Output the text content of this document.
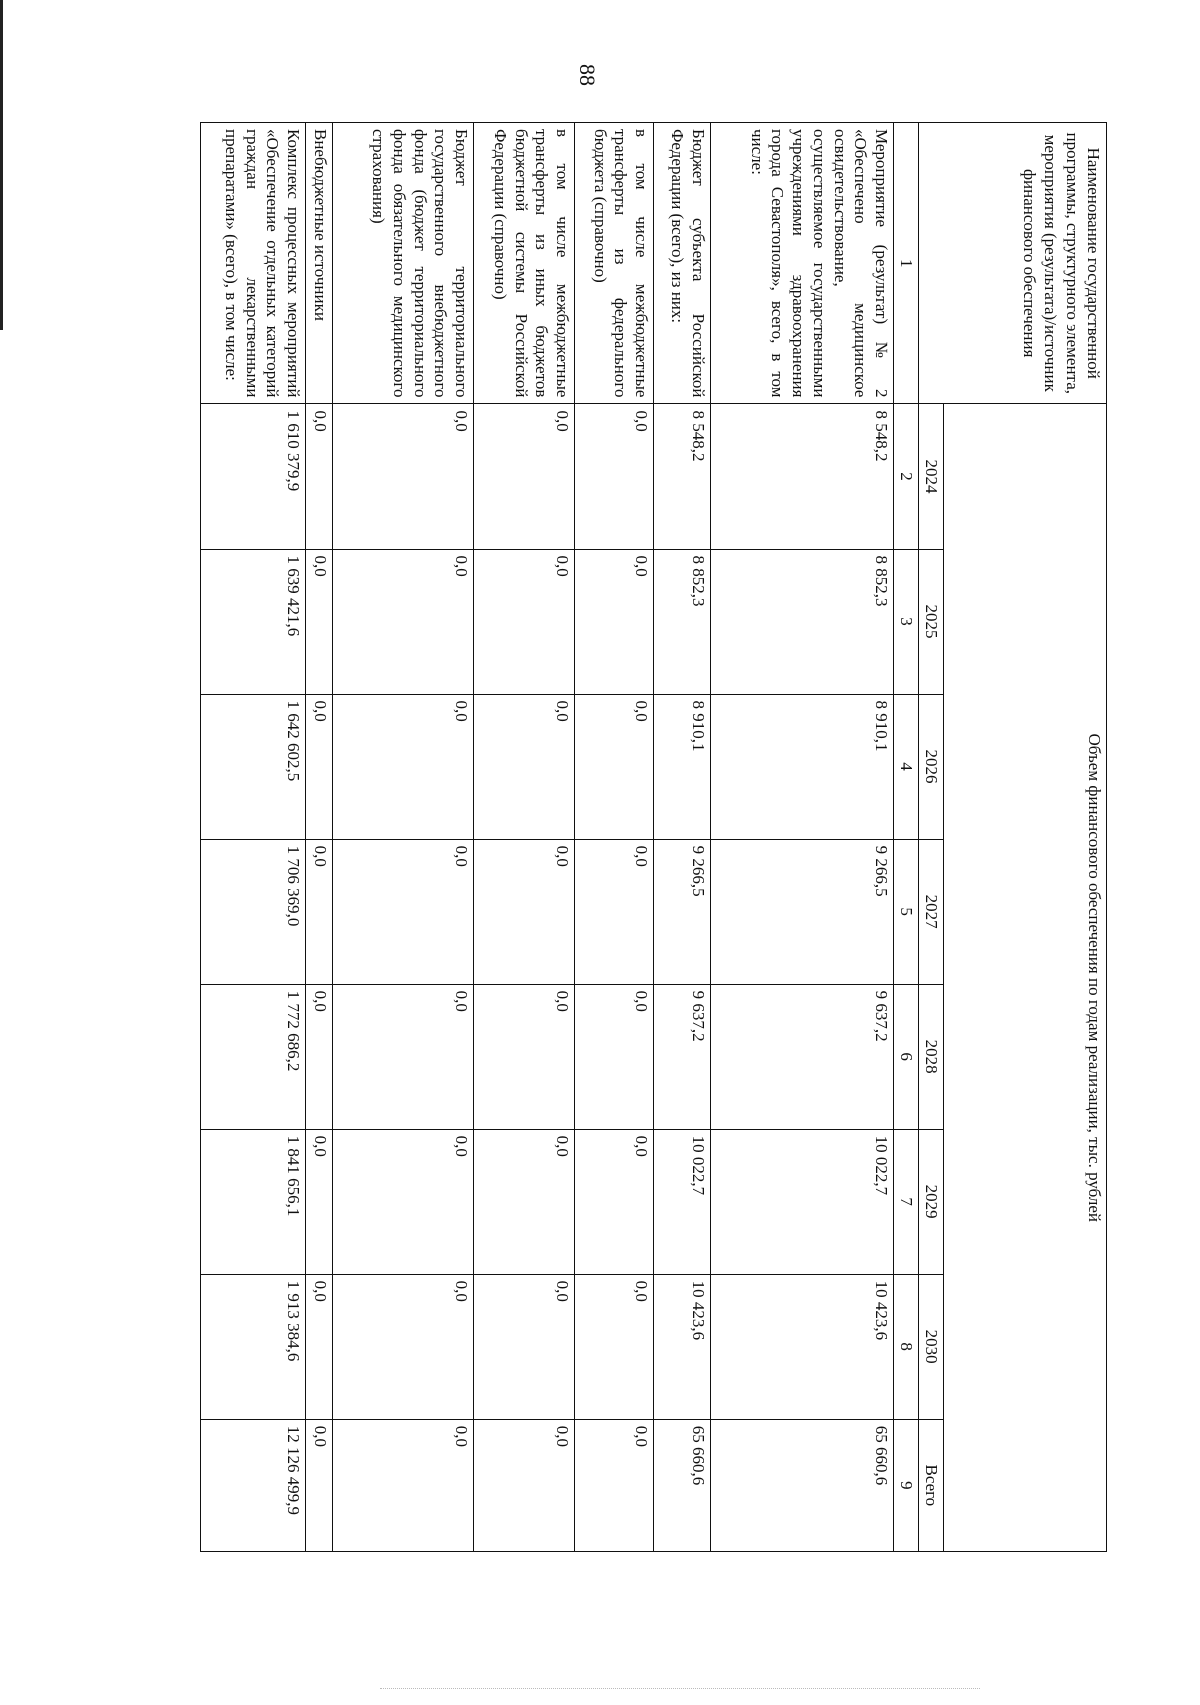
88
Наименование государственной программы, структурного элемента, мероприятия (результата)/источник финансового обеспечения	Объем финансового обеспечения по годам реализации, тыс. рублей							
	2024	2025	2026	2027	2028	2029	2030	Всего
1	2	3	4	5	6	7	8	9
Мероприятие (результат) № 2 «Обеспечено медицинское освидетельствование, осуществляемое государственными учреждениями здравоохранения города Севастополя», всего, в том числе:	8 548,2	8 852,3	8 910,1	9 266,5	9 637,2	10 022,7	10 423,6	65 660,6
Бюджет субъекта Российской Федерации (всего), из них:	8 548,2	8 852,3	8 910,1	9 266,5	9 637,2	10 022,7	10 423,6	65 660,6
в том числе межбюджетные трансферты из федерального бюджета (справочно)	0,0	0,0	0,0	0,0	0,0	0,0	0,0	0,0
в том числе межбюджетные трансферты из иных бюджетов бюджетной системы Российской Федерации (справочно)	0,0	0,0	0,0	0,0	0,0	0,0	0,0	0,0
Бюджет территориального государственного внебюджетного фонда (бюджет территориального фонда обязательного медицинского страхования)	0,0	0,0	0,0	0,0	0,0	0,0	0,0	0,0
Внебюджетные источники	0,0	0,0	0,0	0,0	0,0	0,0	0,0	0,0
Комплекс процессных мероприятий «Обеспечение отдельных категорий граждан лекарственными препаратами» (всего), в том числе:	1 610 379,9	1 639 421,6	1 642 602,5	1 706 369,0	1 772 686,2	1 841 656,1	1 913 384,6	12 126 499,9
